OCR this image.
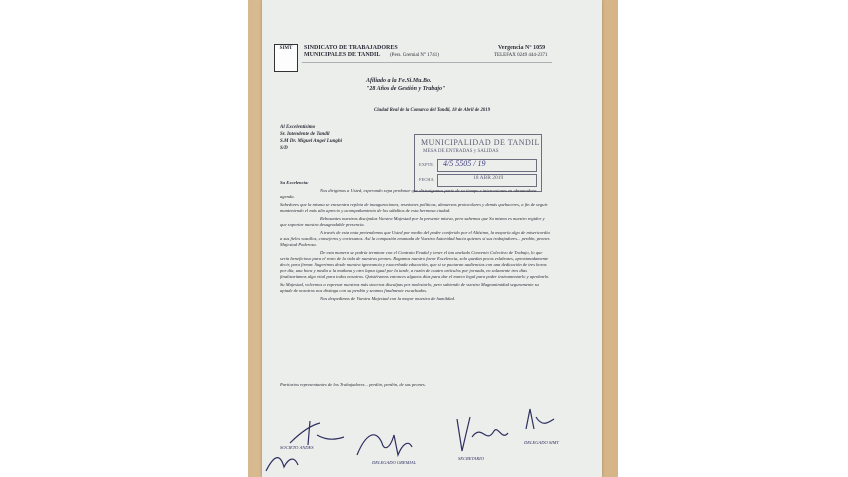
SIMT	SINDICATO DE TRABAJADORES
MUNICIPALES DE TANDIL (Pers. Gremial N° 1741)
Vergencia N° 1059
TELEFAX 0249 444-2371
Afiliado a la Fe.Si.Mu.Bo.
"28 Años de Gestión y Trabajo"
Ciudad Real de la Comarca del Tandil, 18 de Abril de 2019
Al Excelentísimo
Sr. Intendente de Tandil
S.M Dr. Miguel Angel Lunghi
S/D
MUNICIPALIDAD DE TANDIL
MESA DE ENTRADAS y SALIDAS
EXPTE. 4/5 5505 / 19
FECHA	18 ABR 2019
Su Excelencia:
Nos dirigimos a Usted, esperando sepa perdonar que distraigamos parte de su tiempo e intercesiones en abrumadora agenda.
Sabedores que la misma se encuentra repleta de inauguraciones, reuniones políticas, almuerzos protocolares y demás quehaceres, a fin de seguir manteniendo el más alto aprecio y acompañamiento de los súbditos de esta hermosa ciudad.
Rebosantes nuestras discípulas Vuestra Majestad por la presente misiva, pero sabemos que Su mismo es nuestro regidor y que soportar nuestra desagradable presencia.
A través de esta nota pretendemos que Usted por medio del poder conferido por el Altísimo, la mayoría algo de misericordia a sus fieles vasallos, consejeros y cortesanos. Así la compasión emanada de Vuestra Autoridad hacia quienes sí sus trabajadores... perdón, peones Majestad Poderosa.
De esta manera se podría terminar con el Contrato Feudal y tener el tan anelado Convenio Colectivo de Trabajo, lo que sería beneficioso para el resto de la vida de nuestros peones. Rogamos nuestro favor Excelencia, solo quedan pocos eslabones, aproximadamente decir, para firmar. Sugerimos desde nuestra ignorancia y exacerbada educación, que si se pactaran audiencias con una dedicación de tres horas por día, una hora y media a la mañana y otro lapso igual por la tarde, a razón de cuatro artículos por jornada, en solamente tres días finalizaríamos algo vital para todos nosotros. Quisiéramos entonces algunos días para dar el marco legal para poder instrumentarlo y aprobarlo.
Su Majestad, volvemos a expresar nuestras más sinceras disculpas por molestarlo, pero sabiendo de vuestra Magnanimidad seguramente sa apiade de nosotros nos distinga con su perdón y seamos finalmente escuchados.
Nos despedimos de Vuestra Majestad con la mayor muestra de humildad.
Partiarios representantes de los Trabajadores... perdón, perdón, de sus peones.
SOCIETO ANDES
DELEGADO GREMIAL
SECRETARIO
DELEGADO SIMT
